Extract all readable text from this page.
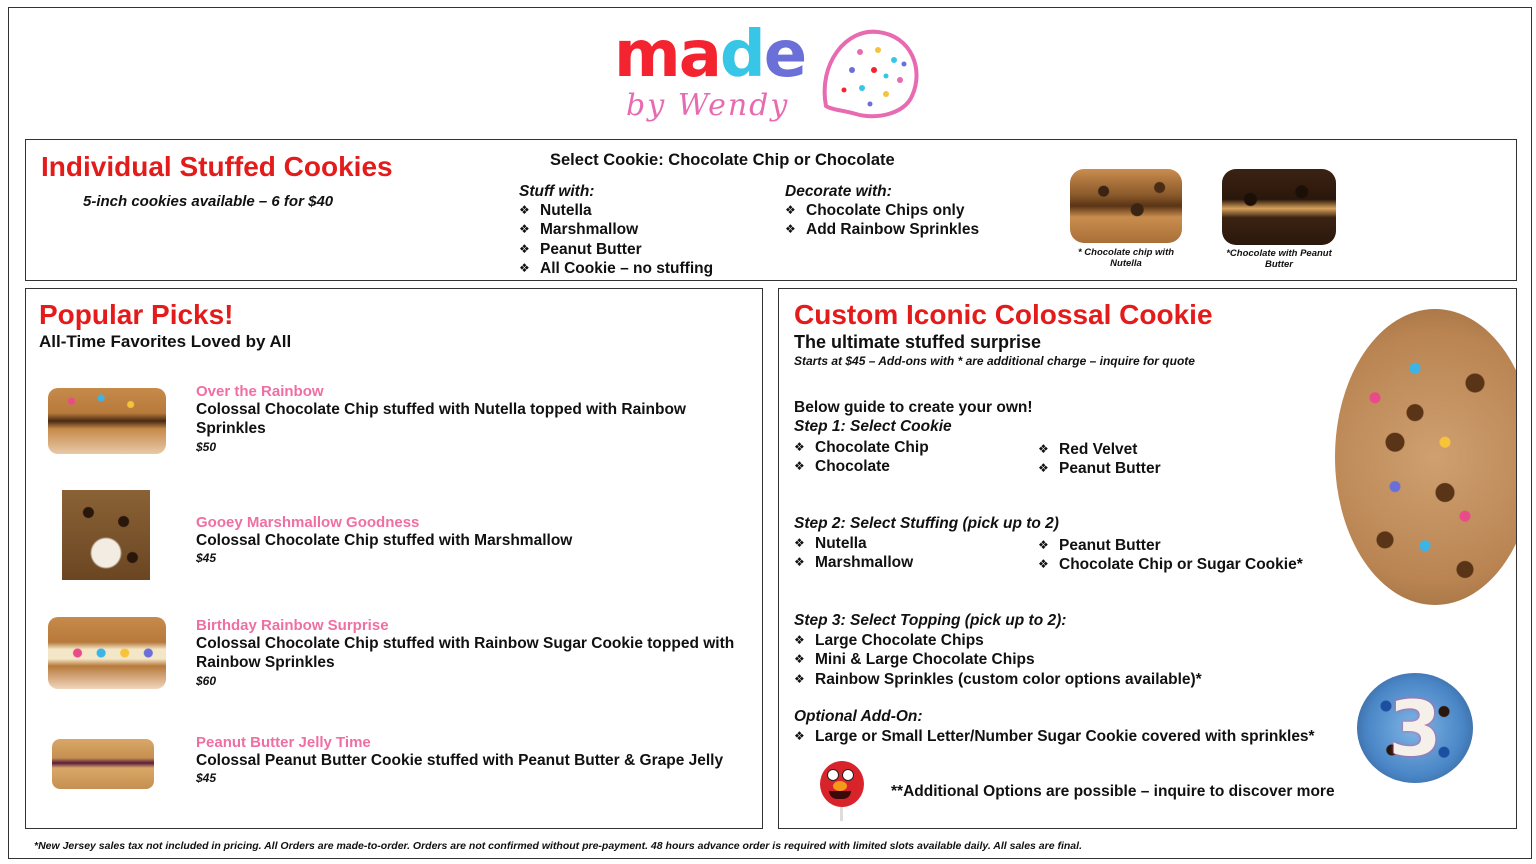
made
by Wendy
Individual Stuffed Cookies
5-inch cookies available – 6 for $40
Select Cookie: Chocolate Chip or Chocolate
Stuff with:
❖ Nutella
❖ Marshmallow
❖ Peanut Butter
❖ All Cookie – no stuffing
Decorate with:
❖ Chocolate Chips only
❖ Add Rainbow Sprinkles
* Chocolate chip with Nutella
*Chocolate with Peanut Butter
Popular Picks!
All-Time Favorites Loved by All
Over the Rainbow
Colossal Chocolate Chip stuffed with Nutella topped with Rainbow Sprinkles
$50
Gooey Marshmallow Goodness
Colossal Chocolate Chip stuffed with Marshmallow
$45
Birthday Rainbow Surprise
Colossal Chocolate Chip stuffed with Rainbow Sugar Cookie topped with Rainbow Sprinkles
$60
Peanut Butter Jelly Time
Colossal Peanut Butter Cookie stuffed with Peanut Butter & Grape Jelly
$45
Custom Iconic Colossal Cookie
The ultimate stuffed surprise
Starts at $45 – Add-ons with * are additional charge – inquire for quote
Below guide to create your own!
Step 1: Select Cookie
❖ Chocolate Chip
❖ Chocolate
❖ Red Velvet
❖ Peanut Butter
Step 2: Select Stuffing (pick up to 2)
❖ Nutella
❖ Marshmallow
❖ Peanut Butter
❖ Chocolate Chip or Sugar Cookie*
Step 3: Select Topping (pick up to 2):
❖ Large Chocolate Chips
❖ Mini & Large Chocolate Chips
❖ Rainbow Sprinkles (custom color options available)*
Optional Add-On:
❖ Large or Small Letter/Number Sugar Cookie covered with sprinkles*
**Additional Options are possible – inquire to discover more
3
*New Jersey sales tax not included in pricing. All Orders are made-to-order. Orders are not confirmed without pre-payment. 48 hours advance order is required with limited slots available daily. All sales are final.
